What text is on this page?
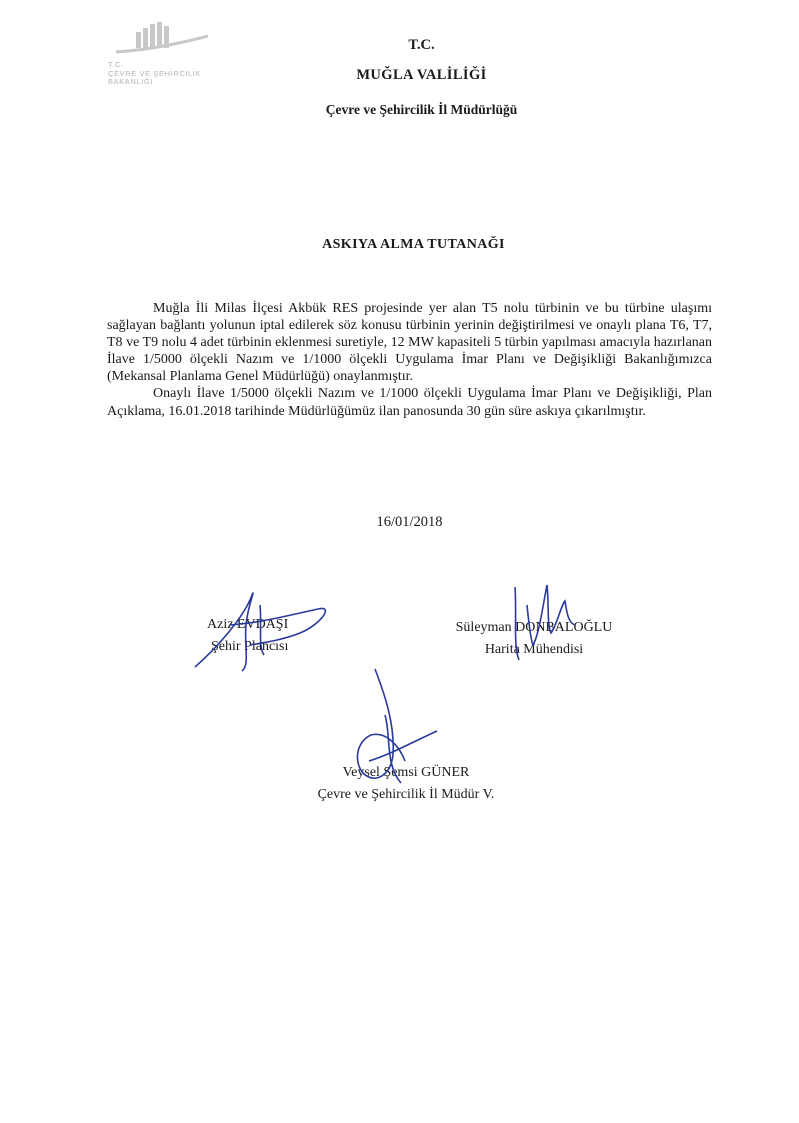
T.C.
ÇEVRE VE ŞEHİRCİLİK
BAKANLIĞI
T.C.
MUĞLA VALİLİĞİ
Çevre ve Şehircilik İl Müdürlüğü
ASKIYA ALMA TUTANAĞI

Muğla İli Milas İlçesi Akbük RES projesinde yer alan T5 nolu türbinin ve bu türbine ulaşımı sağlayan bağlantı yolunun iptal edilerek söz konusu türbinin yerinin değiştirilmesi ve onaylı plana T6, T7, T8 ve T9 nolu 4 adet türbinin eklenmesi suretiyle, 12 MW kapasiteli 5 türbin yapılması amacıyla hazırlanan İlave 1/5000 ölçekli Nazım ve 1/1000 ölçekli Uygulama İmar Planı ve Değişikliği Bakanlığımızca (Mekansal Planlama Genel Müdürlüğü) onaylanmıştır.

Onaylı İlave 1/5000 ölçekli Nazım ve 1/1000 ölçekli Uygulama İmar Planı ve Değişikliği, Plan Açıklama, 16.01.2018 tarihinde Müdürlüğümüz ilan panosunda 30 gün süre askıya çıkarılmıştır.

16/01/2018
Aziz EVDAŞI
Şehir Plancısı
Süleyman DONBALOĞLU
Harita Mühendisi
Veysel Şemsi GÜNER
Çevre ve Şehircilik İl Müdür V.
